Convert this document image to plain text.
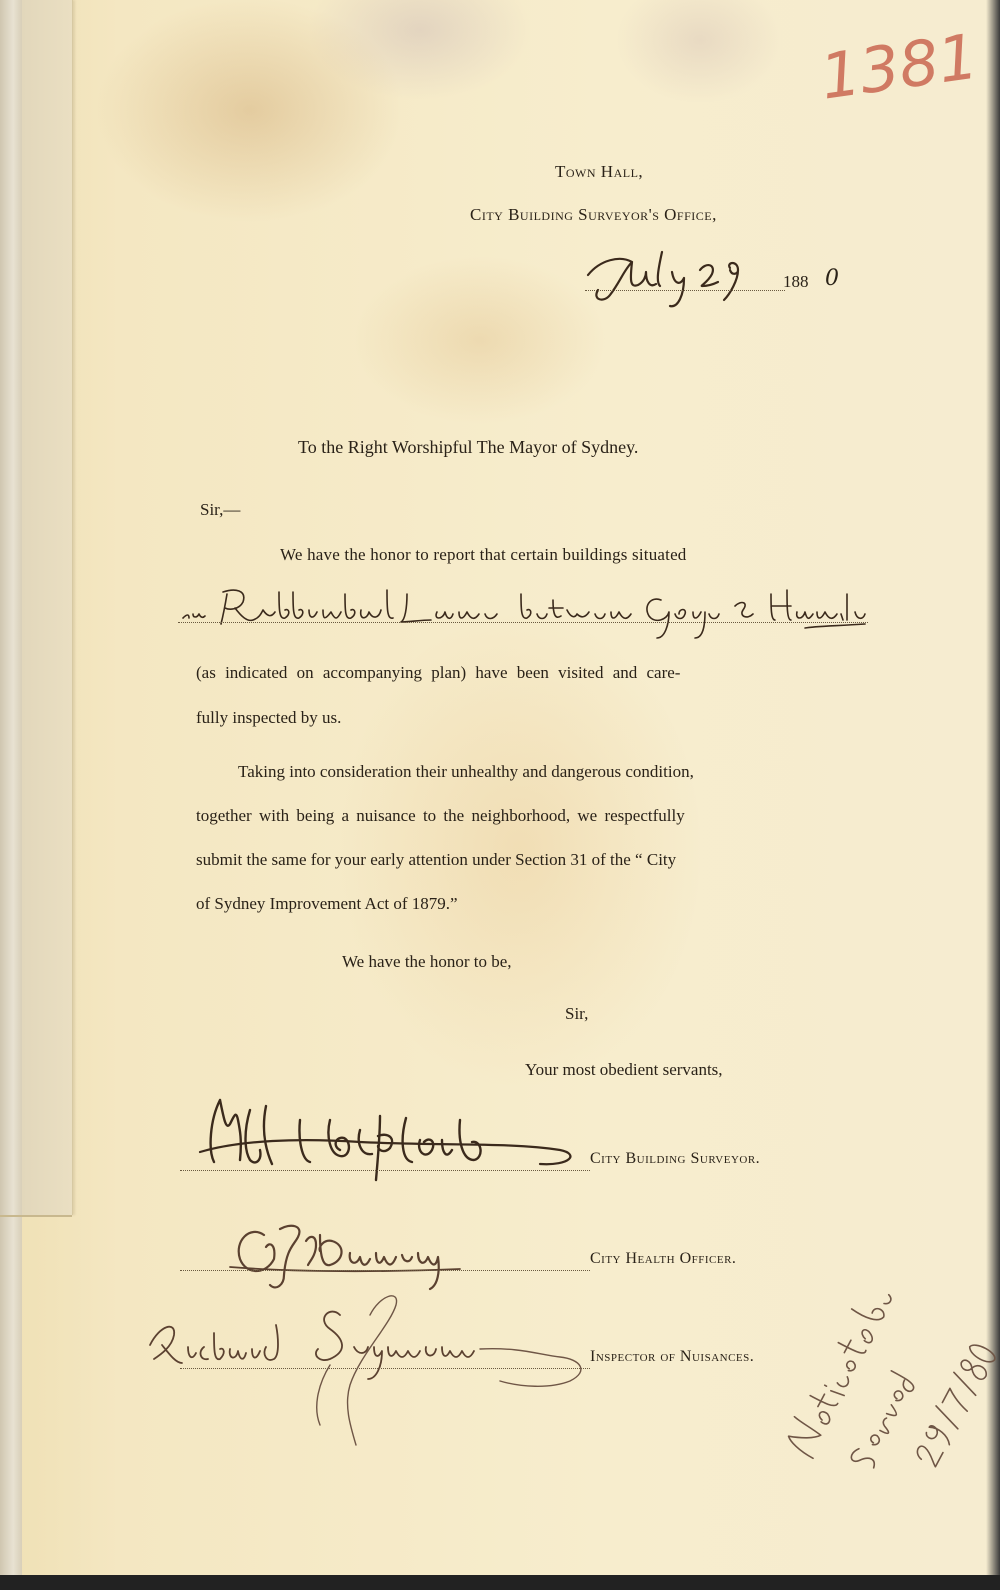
1381
Town Hall,
City Building Surveyor's Office,
188 0
To the Right Worshipful The Mayor of Sydney.
Sir,—
We have the honor to report that certain buildings situated
(as indicated on accompanying plan) have been visited and care-
fully inspected by us.
Taking into consideration their unhealthy and dangerous condition,
together with being a nuisance to the neighborhood, we respectfully
submit the same for your early attention under Section 31 of the “ City
of Sydney Improvement Act of 1879.”
We have the honor to be,
Sir,
Your most obedient servants,
City Building Surveyor.
City Health Officer.
Inspector of Nuisances.
